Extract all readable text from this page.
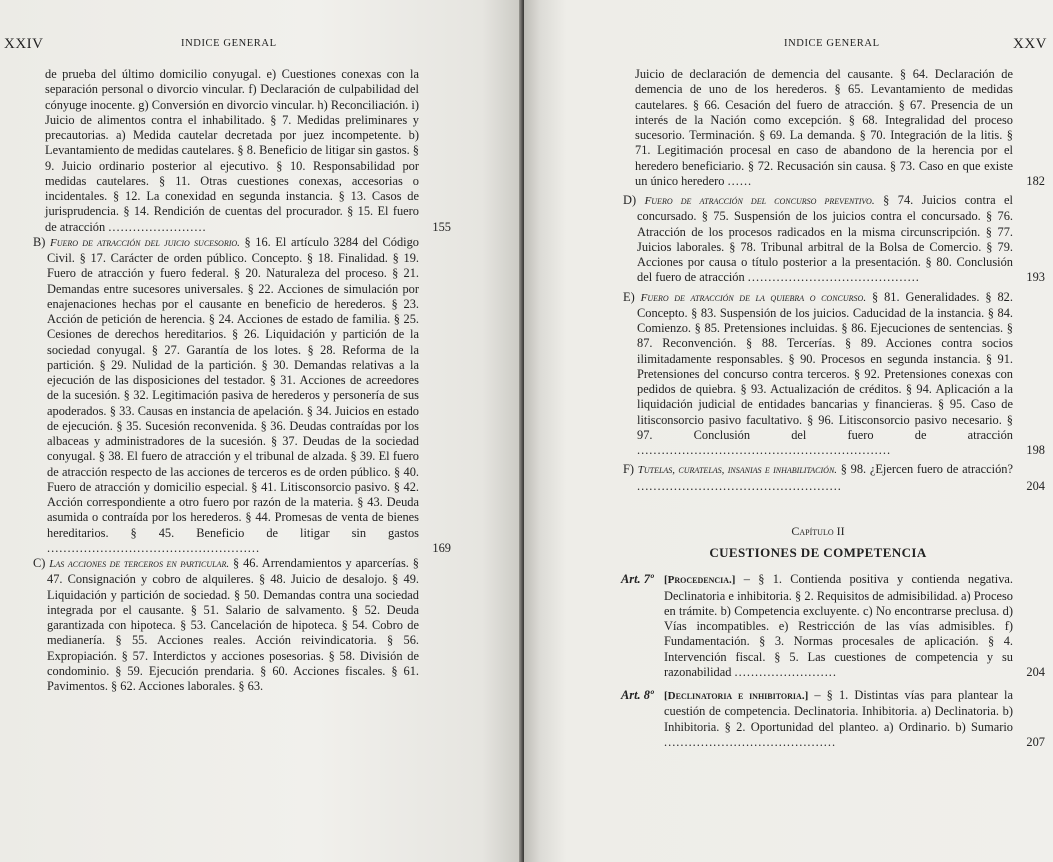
XXIV	INDICE GENERAL
de prueba del último domicilio conyugal. e) Cuestiones conexas con la separación personal o divorcio vincular. f) Declaración de culpabilidad del cónyuge inocente. g) Conversión en divorcio vincular. h) Reconciliación. i) Juicio de alimentos contra el inhabilitado. § 7. Medidas preliminares y precautorias. a) Medida cautelar decretada por juez incompetente. b) Levantamiento de medidas cautelares. § 8. Beneficio de litigar sin gastos. § 9. Juicio ordinario posterior al ejecutivo. § 10. Responsabilidad por medidas cautelares. § 11. Otras cuestiones conexas, accesorias o incidentales. § 12. La conexidad en segunda instancia. § 13. Casos de jurisprudencia. § 14. Rendición de cuentas del procurador. § 15. El fuero de atracción ........................	155
B) Fuero de atracción del juicio sucesorio. § 16. El artículo 3284 del Código Civil. § 17. Carácter de orden público. Concepto. § 18. Finalidad. § 19. Fuero de atracción y fuero federal. § 20. Naturaleza del proceso. § 21. Demandas entre sucesores universales. § 22. Acciones de simulación por enajenaciones hechas por el causante en beneficio de herederos. § 23. Acción de petición de herencia. § 24. Acciones de estado de familia. § 25. Cesiones de derechos hereditarios. § 26. Liquidación y partición de la sociedad conyugal. § 27. Garantía de los lotes. § 28. Reforma de la partición. § 29. Nulidad de la partición. § 30. Demandas relativas a la ejecución de las disposiciones del testador. § 31. Acciones de acreedores de la sucesión. § 32. Legitimación pasiva de herederos y personería de sus apoderados. § 33. Causas en instancia de apelación. § 34. Juicios en estado de ejecución. § 35. Sucesión reconvenida. § 36. Deudas contraídas por los albaceas y administradores de la sucesión. § 37. Deudas de la sociedad conyugal. § 38. El fuero de atracción y el tribunal de alzada. § 39. El fuero de atracción respecto de las acciones de terceros es de orden público. § 40. Fuero de atracción y domicilio especial. § 41. Litisconsorcio pasivo. § 42. Acción correspondiente a otro fuero por razón de la materia. § 43. Deuda asumida o contraída por los herederos. § 44. Promesas de venta de bienes hereditarios. § 45. Beneficio de litigar sin gastos ....................................................	169
C) Las acciones de terceros en particular. § 46. Arrendamientos y aparcerías. § 47. Consignación y cobro de alquileres. § 48. Juicio de desalojo. § 49. Liquidación y partición de sociedad. § 50. Demandas contra una sociedad integrada por el causante. § 51. Salario de salvamento. § 52. Deuda garantizada con hipoteca. § 53. Cancelación de hipoteca. § 54. Cobro de medianería. § 55. Acciones reales. Acción reivindicatoria. § 56. Expropiación. § 57. Interdictos y acciones posesorias. § 58. División de condominio. § 59. Ejecución prendaria. § 60. Acciones fiscales. § 61. Pavimentos. § 62. Acciones laborales. § 63.
INDICE GENERAL	XXV
Juicio de declaración de demencia del causante. § 64. Declaración de demencia de uno de los herederos. § 65. Levantamiento de medidas cautelares. § 66. Cesación del fuero de atracción. § 67. Presencia de un interés de la Nación como excepción. § 68. Integralidad del proceso sucesorio. Terminación. § 69. La demanda. § 70. Integración de la litis. § 71. Legitimación procesal en caso de abandono de la herencia por el heredero beneficiario. § 72. Recusación sin causa. § 73. Caso en que existe un único heredero ......	182
D) Fuero de atracción del concurso preventivo. § 74. Juicios contra el concursado. § 75. Suspensión de los juicios contra el concursado. § 76. Atracción de los procesos radicados en la misma circunscripción. § 77. Juicios laborales. § 78. Tribunal arbitral de la Bolsa de Comercio. § 79. Acciones por causa o título posterior a la presentación. § 80. Conclusión del fuero de atracción ..........................................	193
E) Fuero de atracción de la quiebra o concurso. § 81. Generalidades. § 82. Concepto. § 83. Suspensión de los juicios. Caducidad de la instancia. § 84. Comienzo. § 85. Pretensiones incluidas. § 86. Ejecuciones de sentencias. § 87. Reconvención. § 88. Tercerías. § 89. Acciones contra socios ilimitadamente responsables. § 90. Procesos en segunda instancia. § 91. Pretensiones del concurso contra terceros. § 92. Pretensiones conexas con pedidos de quiebra. § 93. Actualización de créditos. § 94. Aplicación a la liquidación judicial de entidades bancarias y financieras. § 95. Caso de litisconsorcio pasivo facultativo. § 96. Litisconsorcio pasivo necesario. § 97. Conclusión del fuero de atracción ..............................................................	198
F) Tutelas, curatelas, insanias e inhabilitación. § 98. ¿Ejercen fuero de atracción? ..................................................	204
Capítulo II
CUESTIONES DE COMPETENCIA
Art. 7º [Procedencia.] – § 1. Contienda positiva y contienda negativa. Declinatoria e inhibitoria. § 2. Requisitos de admisibilidad. a) Proceso en trámite. b) Competencia excluyente. c) No encontrarse preclusa. d) Vías incompatibles. e) Restricción de las vías admisibles. f) Fundamentación. § 3. Normas procesales de aplicación. § 4. Intervención fiscal. § 5. Las cuestiones de competencia y su razonabilidad .........................	204
Art. 8º [Declinatoria e inhibitoria.] – § 1. Distintas vías para plantear la cuestión de competencia. Declinatoria. Inhibitoria. a) Declinatoria. b) Inhibitoria. § 2. Oportunidad del planteo. a) Ordinario. b) Sumario ..........................................	207
